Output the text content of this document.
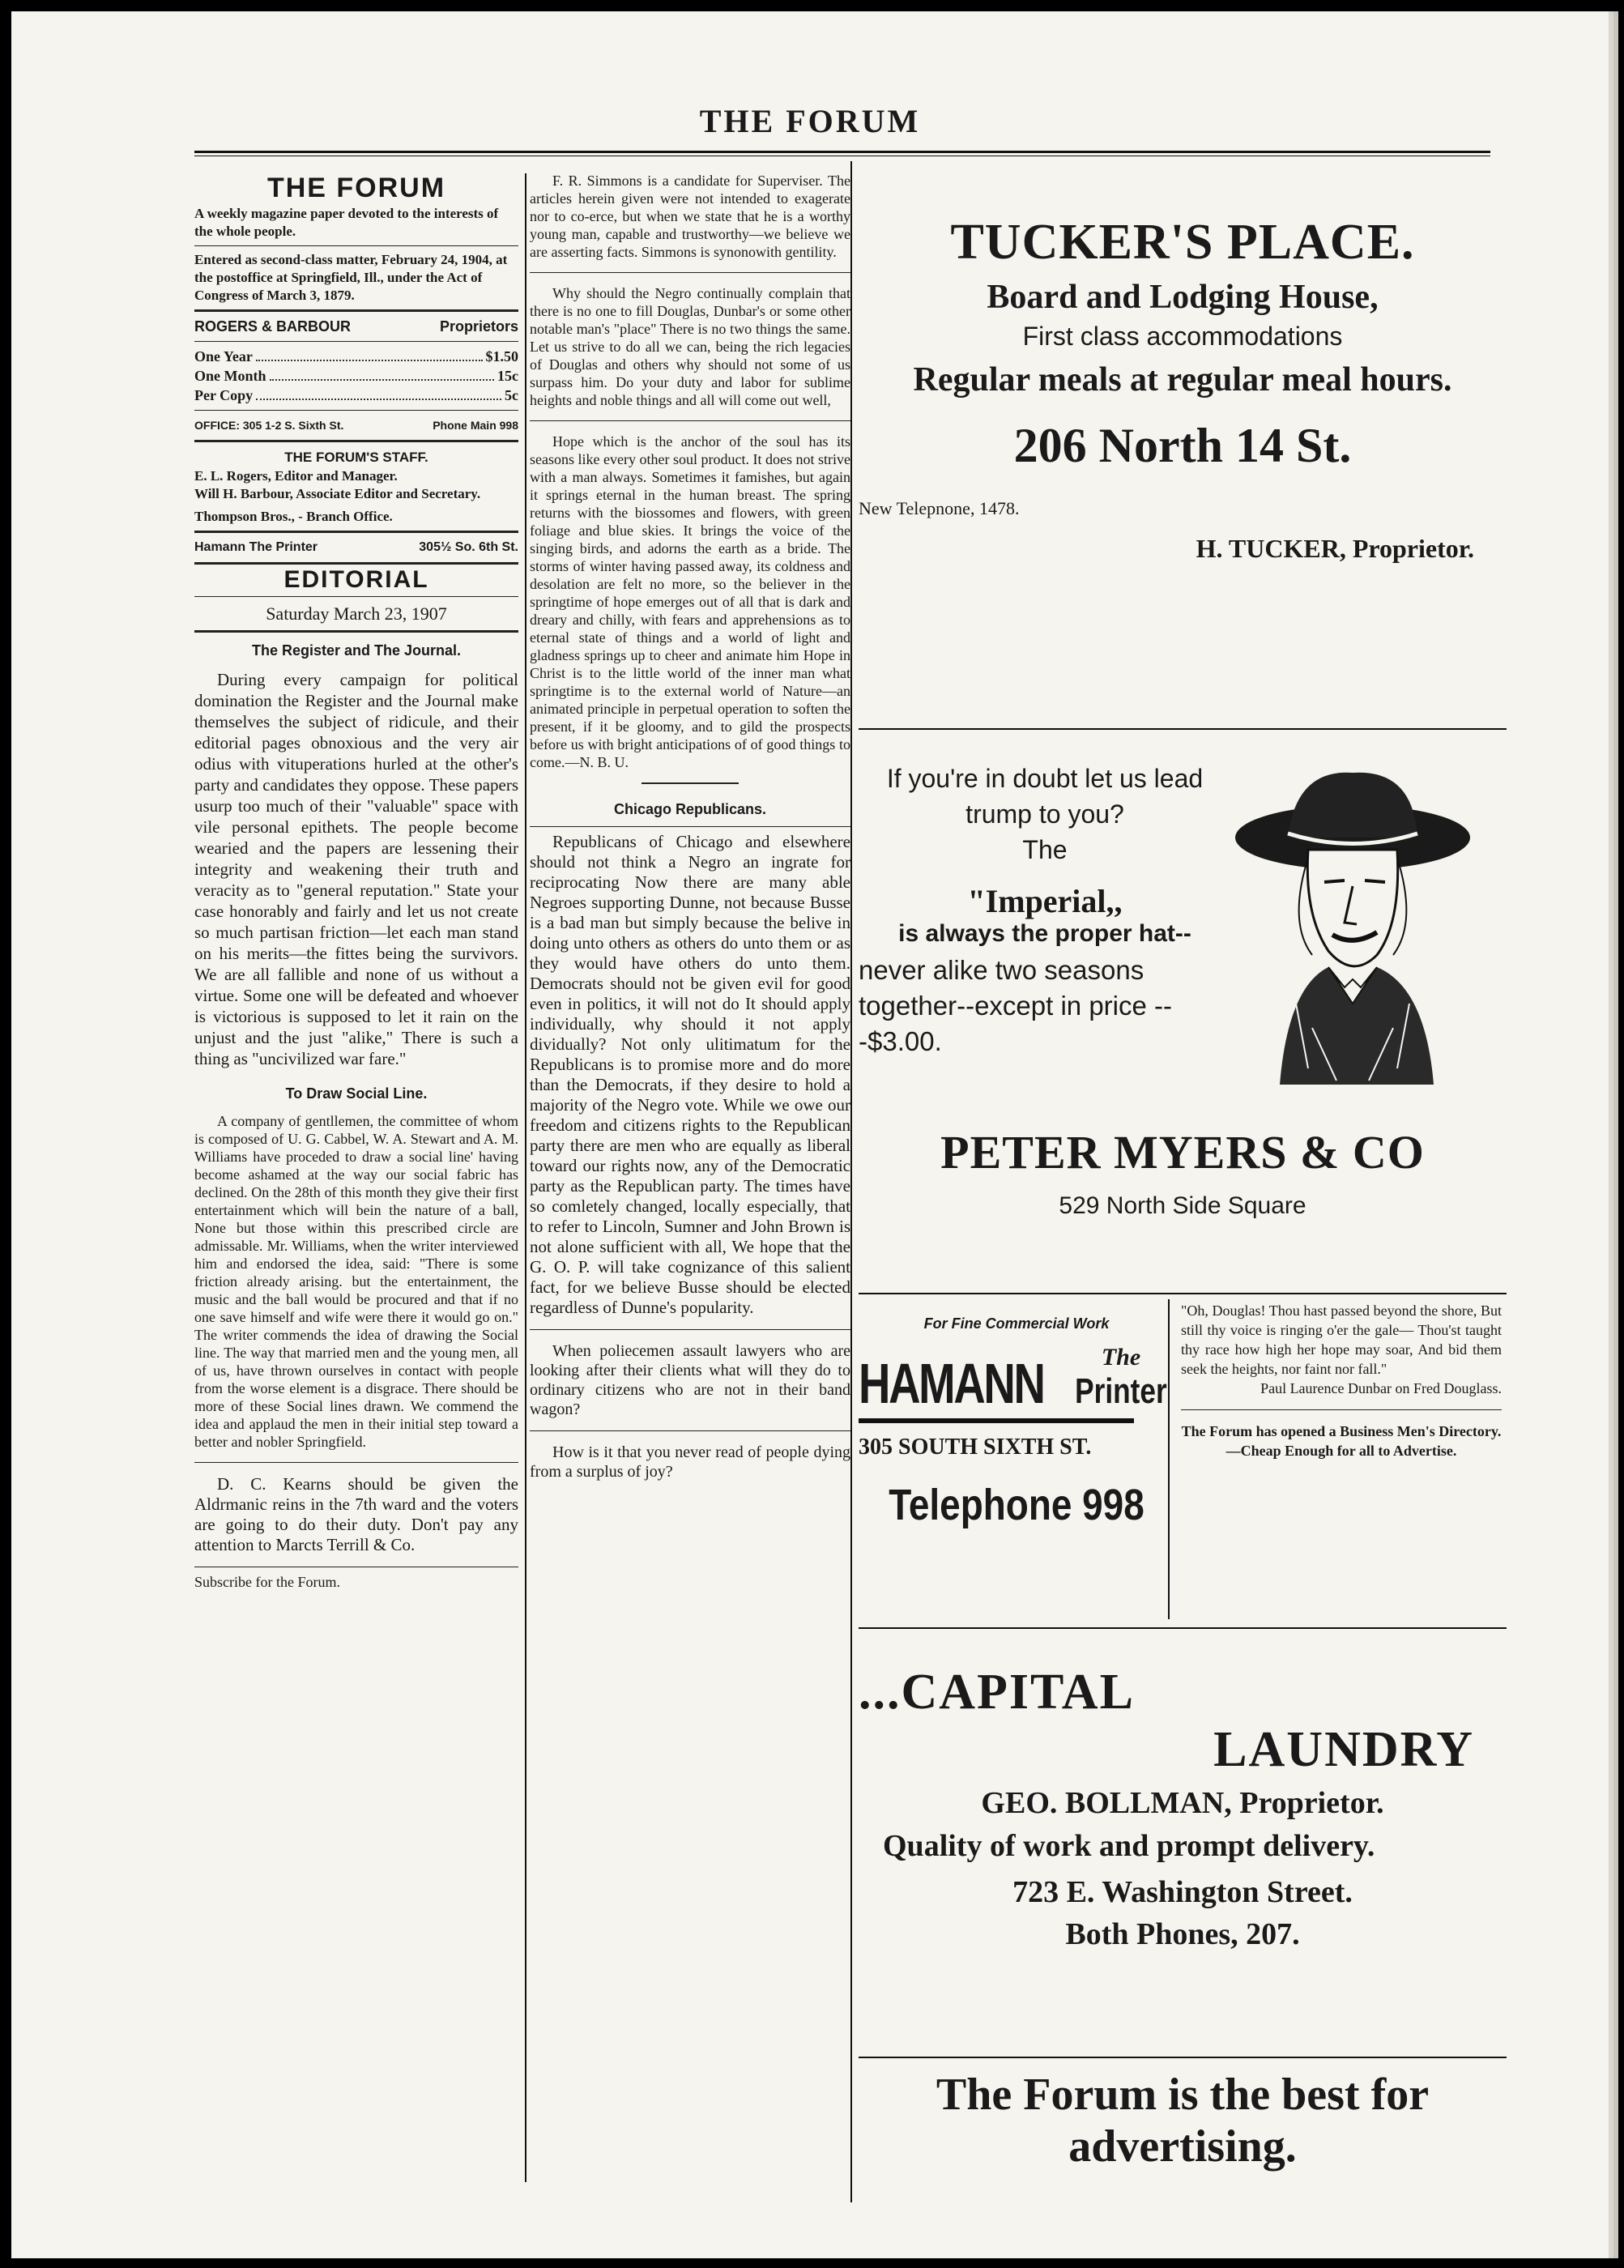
THE FORUM
THE FORUM
A weekly magazine paper devoted to the interests of the whole people.
Entered as second-class matter, February 24, 1904, at the postoffice at Springfield, Ill., under the Act of Congress of March 3, 1879.
ROGERS & BARBOUR	Proprietors
One Year	$1.50
One Month	15c
Per Copy	5c
OFFICE: 305 1-2 S. Sixth St.	Phone Main 998
THE FORUM'S STAFF.
E. L. Rogers, Editor and Manager.
Will H. Barbour, Associate Editor and Secretary.
Thompson Bros., - Branch Office.
Hamann The Printer	305½ So. 6th St.
EDITORIAL
Saturday March 23, 1907
The Register and The Journal.

During every campaign for political domination the Register and the Journal make themselves the subject of ridicule, and their editorial pages obnoxious and the very air odius with vituperations hurled at the other's party and candidates they oppose. These papers usurp too much of their "valuable" space with vile personal epithets. The people become wearied and the papers are lessening their integrity and weakening their truth and veracity as to "general reputation." State your case honorably and fairly and let us not create so much partisan friction—let each man stand on his merits—the fittes being the survivors. We are all fallible and none of us without a virtue. Some one will be defeated and whoever is victorious is supposed to let it rain on the unjust and the just "alike," There is such a thing as "uncivilized war fare."

To Draw Social Line.

A company of gentllemen, the committee of whom is composed of U. G. Cabbel, W. A. Stewart and A. M. Williams have proceded to draw a social line' having become ashamed at the way our social fabric has declined. On the 28th of this month they give their first entertainment which will bein the nature of a ball, None but those within this prescribed circle are admissable. Mr. Williams, when the writer interviewed him and endorsed the idea, said: "There is some friction already arising. but the entertainment, the music and the ball would be procured and that if no one save himself and wife were there it would go on." The writer commends the idea of drawing the Social line. The way that married men and the young men, all of us, have thrown ourselves in contact with people from the worse element is a disgrace. There should be more of these Social lines drawn. We commend the idea and applaud the men in their initial step toward a better and nobler Springfield.

D. C. Kearns should be given the Aldrmanic reins in the 7th ward and the voters are going to do their duty. Don't pay any attention to Marcts Terrill & Co.

Subscribe for the Forum.

F. R. Simmons is a candidate for Superviser. The articles herein given were not intended to exagerate nor to co-erce, but when we state that he is a worthy young man, capable and trustworthy—we believe we are asserting facts. Simmons is synonowith gentility.

Why should the Negro continually complain that there is no one to fill Douglas, Dunbar's or some other notable man's "place" There is no two things the same. Let us strive to do all we can, being the rich legacies of Douglas and others why should not some of us surpass him. Do your duty and labor for sublime heights and noble things and all will come out well,

Hope which is the anchor of the soul has its seasons like every other soul product. It does not strive with a man always. Sometimes it famishes, but again it springs eternal in the human breast. The spring returns with the biossomes and flowers, with green foliage and blue skies. It brings the voice of the singing birds, and adorns the earth as a bride. The storms of winter having passed away, its coldness and desolation are felt no more, so the believer in the springtime of hope emerges out of all that is dark and dreary and chilly, with fears and apprehensions as to eternal state of things and a world of light and gladness springs up to cheer and animate him Hope in Christ is to the little world of the inner man what springtime is to the external world of Nature—an animated principle in perpetual operation to soften the present, if it be gloomy, and to gild the prospects before us with bright anticipations of of good things to come.—N. B. U.

Chicago Republicans.

Republicans of Chicago and elsewhere should not think a Negro an ingrate for reciprocating Now there are many able Negroes supporting Dunne, not because Busse is a bad man but simply because the belive in doing unto others as others do unto them or as they would have others do unto them. Democrats should not be given evil for good even in politics, it will not do It should apply individually, why should it not apply dividually? Not only ulitimatum for the Republicans is to promise more and do more than the Democrats, if they desire to hold a majority of the Negro vote. While we owe our freedom and citizens rights to the Republican party there are men who are equally as liberal toward our rights now, any of the Democratic party as the Republican party. The times have so comletely changed, locally especially, that to refer to Lincoln, Sumner and John Brown is not alone sufficient with all, We hope that the G. O. P. will take cognizance of this salient fact, for we believe Busse should be elected regardless of Dunne's popularity.

When poliecemen assault lawyers who are looking after their clients what will they do to ordinary citizens who are not in their band wagon?

How is it that you never read of people dying from a surplus of joy?

TUCKER'S PLACE.
Board and Lodging House,
First class accommodations
Regular meals at regular meal hours.
206 North 14 St.
New Telepnone, 1478.
H. TUCKER, Proprietor.
If you're in doubt let us lead trump to you?
The
"Imperial,,
is always the proper hat--
never alike two seasons together--except in price ---$3.00.
PETER MYERS & CO
529 North Side Square
For Fine Commercial Work
HAMANN	The
Printer
305 SOUTH SIXTH ST.
Telephone 998

"Oh, Douglas! Thou hast passed beyond the shore, But still thy voice is ringing o'er the gale— Thou'st taught thy race how high her hope may soar, And bid them seek the heights, nor faint nor fall."

Paul Laurence Dunbar on Fred Douglass.
The Forum has opened a Business Men's Directory.—Cheap Enough for all to Advertise.
...CAPITAL
LAUNDRY
GEO. BOLLMAN, Proprietor.
Quality of work and prompt delivery.
723 E. Washington Street.
Both Phones, 207.
The Forum is the best for advertising.
